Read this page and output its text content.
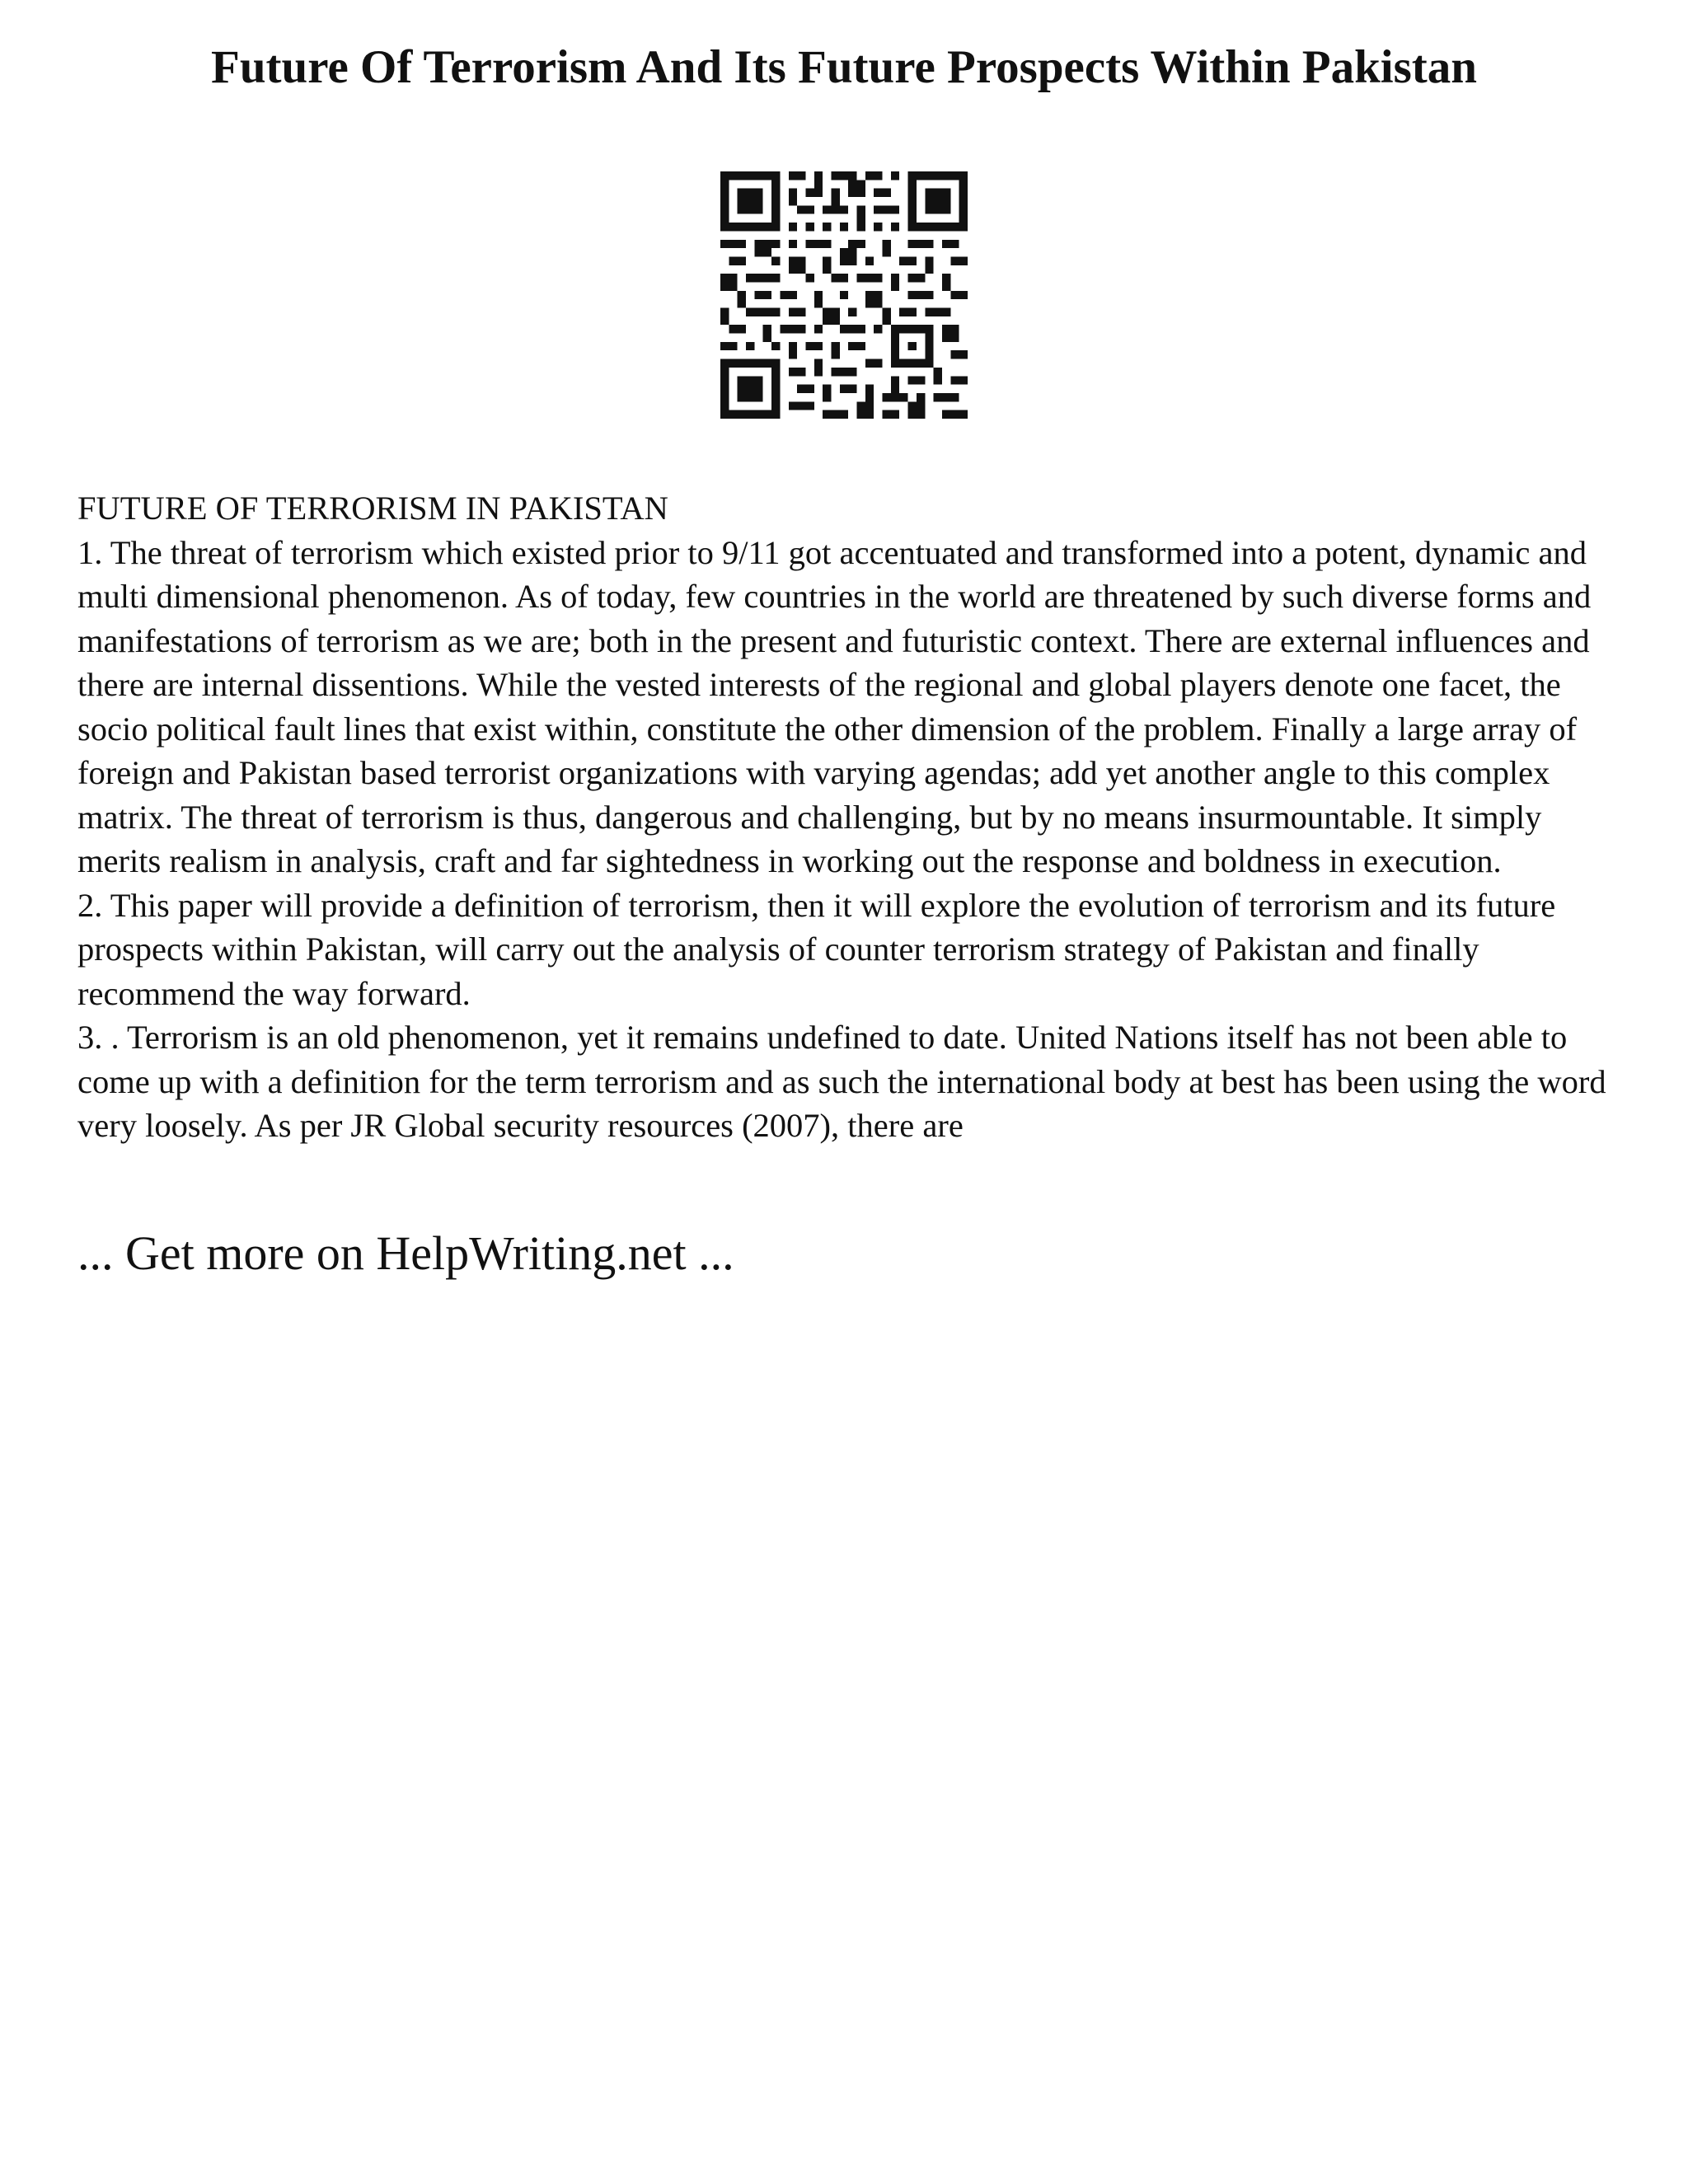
Future Of Terrorism And Its Future Prospects Within Pakistan

FUTURE OF TERRORISM IN PAKISTAN

1. The threat of terrorism which existed prior to 9/11 got accentuated and transformed into a potent, dynamic and multi dimensional phenomenon. As of today, few countries in the world are threatened by such diverse forms and manifestations of terrorism as we are; both in the present and futuristic context. There are external influences and there are internal dissentions. While the vested interests of the regional and global players denote one facet, the socio political fault lines that exist within, constitute the other dimension of the problem. Finally a large array of foreign and Pakistan based terrorist organizations with varying agendas; add yet another angle to this complex matrix. The threat of terrorism is thus, dangerous and challenging, but by no means insurmountable. It simply merits realism in analysis, craft and far sightedness in working out the response and boldness in execution.

2. This paper will provide a definition of terrorism, then it will explore the evolution of terrorism and its future prospects within Pakistan, will carry out the analysis of counter terrorism strategy of Pakistan and finally recommend the way forward.

3. . Terrorism is an old phenomenon, yet it remains undefined to date. United Nations itself has not been able to come up with a definition for the term terrorism and as such the international body at best has been using the word very loosely. As per JR Global security resources (2007), there are

... Get more on HelpWriting.net ...
